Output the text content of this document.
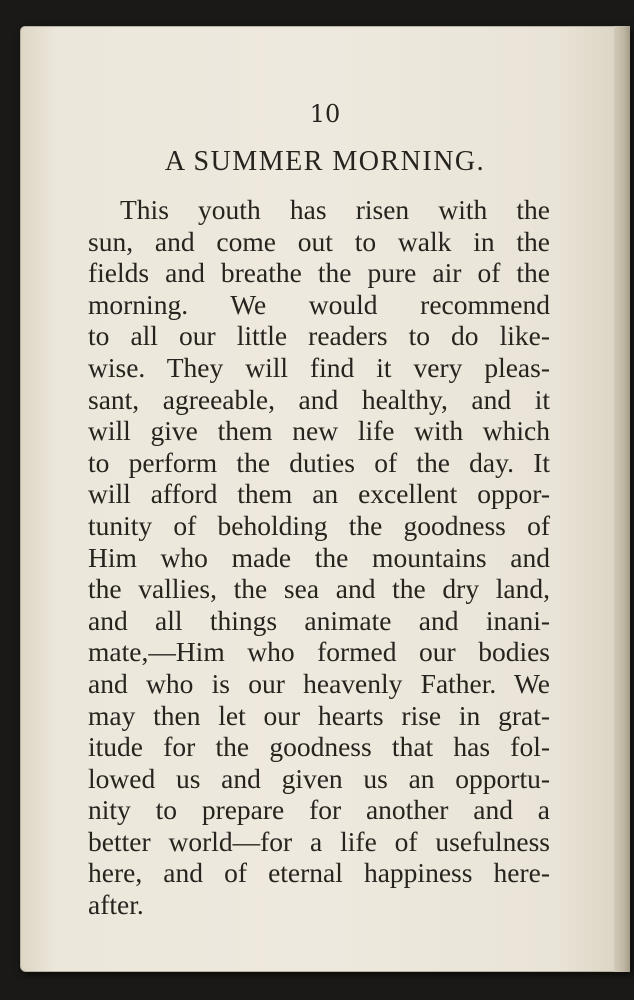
10
A SUMMER MORNING.
This youth has risen with the
sun, and come out to walk in the
fields and breathe the pure air of the
morning. We would recommend
to all our little readers to do like-
wise. They will find it very pleas-
sant, agreeable, and healthy, and it
will give them new life with which
to perform the duties of the day. It
will afford them an excellent oppor-
tunity of beholding the goodness of
Him who made the mountains and
the vallies, the sea and the dry land,
and all things animate and inani-
mate,—Him who formed our bodies
and who is our heavenly Father. We
may then let our hearts rise in grat-
itude for the goodness that has fol-
lowed us and given us an opportu-
nity to prepare for another and a
better world—for a life of usefulness
here, and of eternal happiness here-
after.
